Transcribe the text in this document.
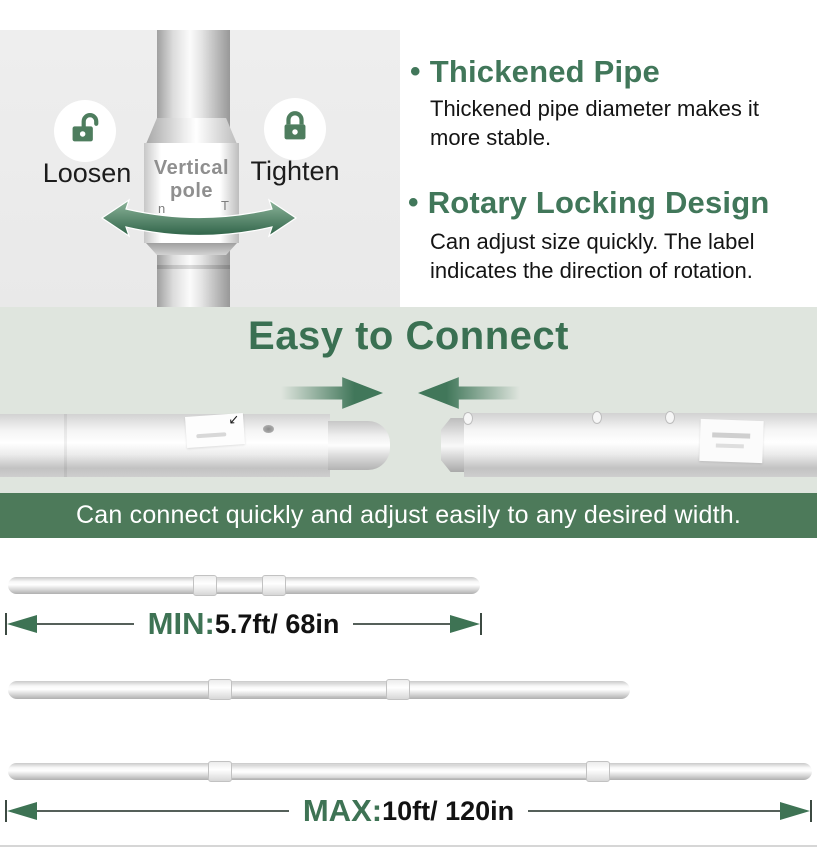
Vertical pole
n	T
Loosen	Tighten
• Thickened Pipe
Thickened pipe diameter makes it more stable.
• Rotary Locking Design
Can adjust size quickly. The label indicates the direction of rotation.
Easy to Connect
↙
Can connect quickly and adjust easily to any desired width.
MIN: 5.7ft/ 68in
MAX: 10ft/ 120in
